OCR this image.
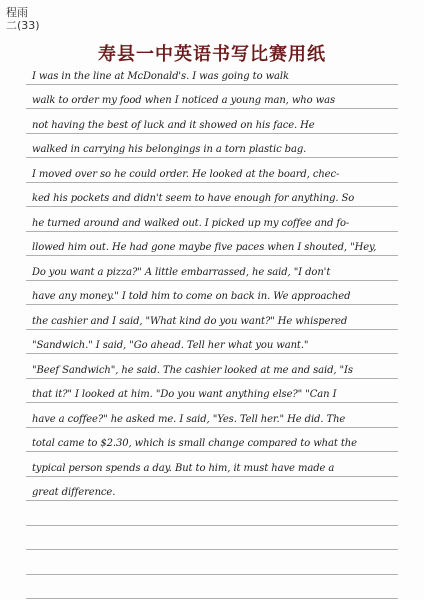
程雨
二(33)
寿县一中英语书写比赛用纸
I was in the line at McDonald's. I was going to walk
walk to order my food when I noticed a young man, who was
not having the best of luck and it showed on his face. He
walked in carrying his belongings in a torn plastic bag.
I moved over so he could order. He looked at the board, chec-
ked his pockets and didn't seem to have enough for anything. So
he turned around and walked out. I picked up my coffee and fo-
llowed him out. He had gone maybe five paces when I shouted, "Hey,
Do you want a pizza?" A little embarrassed, he said, "I don't
have any money." I told him to come on back in. We approached
the cashier and I said, "What kind do you want?" He whispered
"Sandwich." I said, "Go ahead. Tell her what you want."
"Beef Sandwich", he said. The cashier looked at me and said, "Is
that it?" I looked at him. "Do you want anything else?" "Can I
have a coffee?" he asked me. I said, "Yes. Tell her." He did. The
total came to $2.30, which is small change compared to what the
typical person spends a day. But to him, it must have made a
great difference.
